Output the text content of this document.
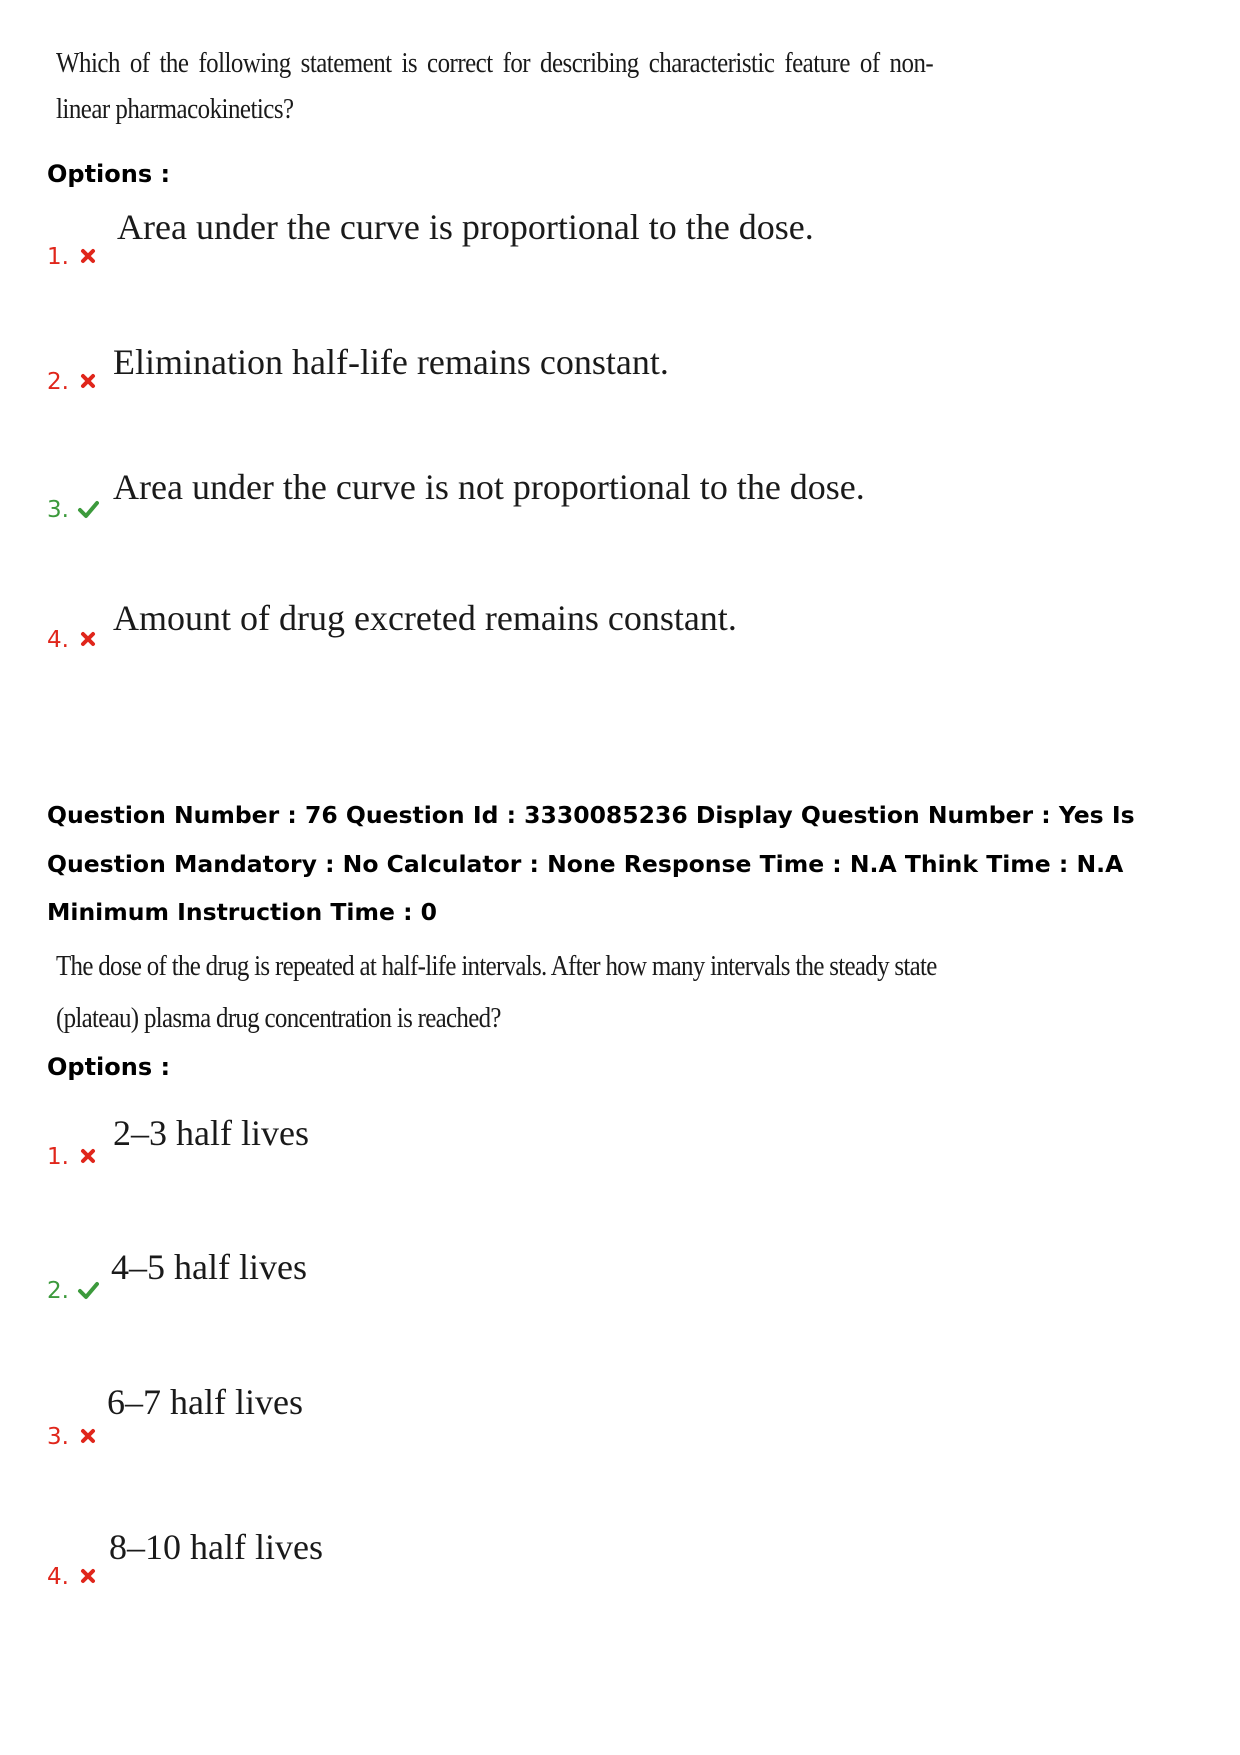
Which of the following statement is correct for describing characteristic feature of non-linear pharmacokinetics?
Options :
1.
Area under the curve is proportional to the dose.
2. Elimination half-life remains constant.
3.
Area under the curve is not proportional to the dose.
4.
Amount of drug excreted remains constant.
Question Number : 76 Question Id : 3330085236 Display Question Number : Yes Is Question Mandatory : No Calculator : None Response Time : N.A Think Time : N.A Minimum Instruction Time : 0
The dose of the drug is repeated at half-life intervals. After how many intervals the steady state
(plateau) plasma drug concentration is reached?
Options :
1.
2–3 half lives
2.
4–5 half lives
3.
6–7 half lives
4.
8–10 half lives
